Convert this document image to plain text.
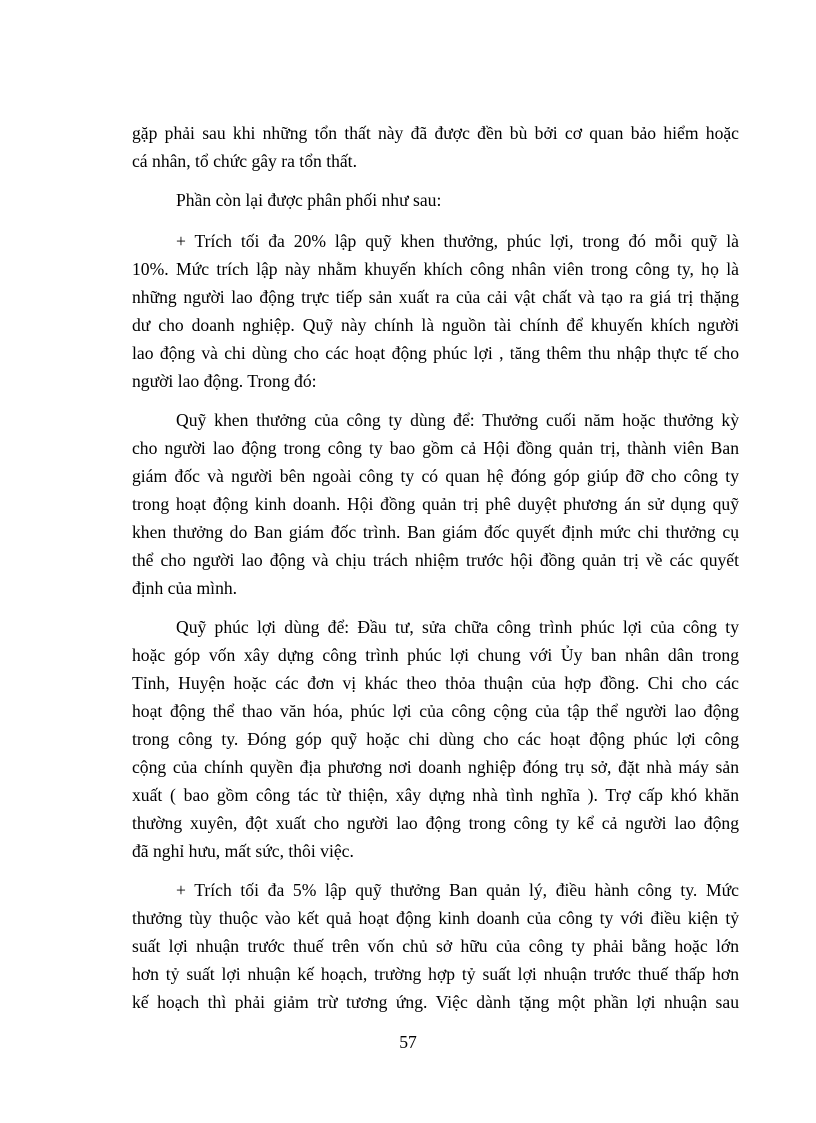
gặp phải sau khi những tổn thất này đã được đền bù bởi cơ quan bảo hiểm hoặc
cá nhân, tổ chức gây ra tổn thất.
Phần còn lại được phân phối như sau:
+ Trích tối đa 20% lập quỹ khen thưởng, phúc lợi, trong đó mỗi quỹ là
10%. Mức trích lập này nhằm khuyến khích công nhân viên trong công ty, họ là
những người lao động trực tiếp sản xuất ra của cải vật chất và tạo ra giá trị thặng
dư cho doanh nghiệp. Quỹ này chính là nguồn tài chính để khuyến khích người
lao động và chi dùng cho các hoạt động phúc lợi , tăng thêm thu nhập thực tế cho
người lao động. Trong đó:
Quỹ khen thưởng của công ty dùng để: Thưởng cuối năm hoặc thưởng kỳ
cho người lao động trong công ty bao gồm cả Hội đồng quản trị, thành viên Ban
giám đốc và người bên ngoài công ty có quan hệ đóng góp giúp đỡ cho công ty
trong hoạt động kinh doanh. Hội đồng quản trị phê duyệt phương án sử dụng quỹ
khen thưởng do Ban giám đốc trình. Ban giám đốc quyết định mức chi thưởng cụ
thể cho người lao động và chịu trách nhiệm trước hội đồng quản trị về các quyết
định của mình.
Quỹ phúc lợi dùng để: Đầu tư, sửa chữa công trình phúc lợi của công ty
hoặc góp vốn xây dựng công trình phúc lợi chung với Ủy ban nhân dân trong
Tỉnh, Huyện hoặc các đơn vị khác theo thỏa thuận của hợp đồng. Chi cho các
hoạt động thể thao văn hóa, phúc lợi của công cộng của tập thể người lao động
trong công ty. Đóng góp quỹ hoặc chi dùng cho các hoạt động phúc lợi công
cộng của chính quyền địa phương nơi doanh nghiệp đóng trụ sở, đặt nhà máy sản
xuất ( bao gồm công tác từ thiện, xây dựng nhà tình nghĩa ). Trợ cấp khó khăn
thường xuyên, đột xuất cho người lao động trong công ty kể cả người lao động
đã nghỉ hưu, mất sức, thôi việc.
+ Trích tối đa 5% lập quỹ thưởng Ban quản lý, điều hành công ty. Mức
thưởng tùy thuộc vào kết quả hoạt động kinh doanh của công ty với điều kiện tỷ
suất lợi nhuận trước thuế trên vốn chủ sở hữu của công ty phải bằng hoặc lớn
hơn tỷ suất lợi nhuận kế hoạch, trường hợp tỷ suất lợi nhuận trước thuế thấp hơn
kế hoạch thì phải giảm trừ tương ứng. Việc dành tặng một phần lợi nhuận sau
57
